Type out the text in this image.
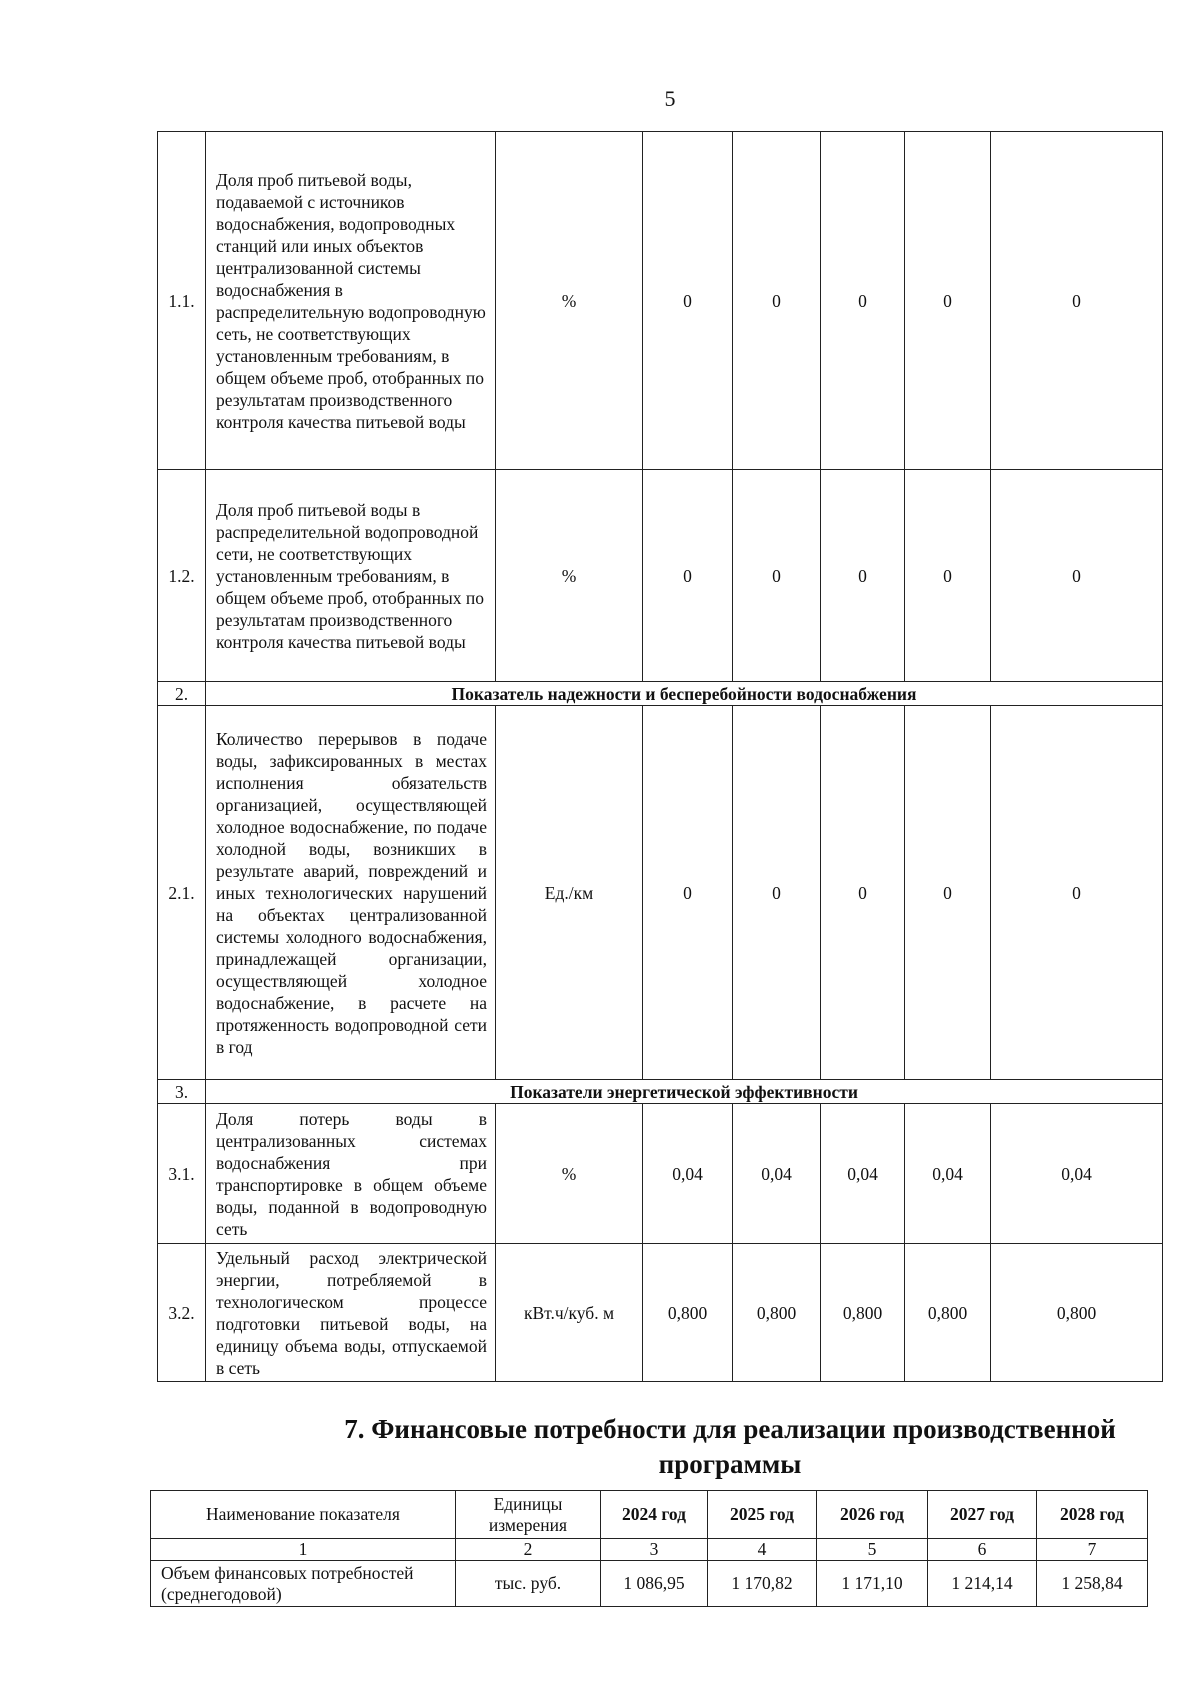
5
1.1.	Доля проб питьевой воды, подаваемой с источников водоснабжения, водопроводных станций или иных объектов централизованной системы водоснабжения в распределительную водопроводную сеть, не соответствующих установленным требованиям, в общем объеме проб, отобранных по результатам производственного контроля качества питьевой воды	%	0	0	0	0	0
1.2.	Доля проб питьевой воды в распределительной водопроводной сети, не соответствующих установленным требованиям, в общем объеме проб, отобранных по результатам производственного контроля качества питьевой воды	%	0	0	0	0	0
2.	Показатель надежности и бесперебойности водоснабжения						
2.1.	Количество перерывов в подаче воды, зафиксированных в местах исполнения обязательств организацией, осуществляющей холодное водоснабжение, по подаче холодной воды, возникших в результате аварий, повреждений и иных технологических нарушений на объектах централизованной системы холодного водоснабжения, принадлежащей организации, осуществляющей холодное водоснабжение, в расчете на протяженность водопроводной сети в год	Ед./км	0	0	0	0	0
3.	Показатели энергетической эффективности						
3.1.	Доля потерь воды в централизованных системах водоснабжения при транспортировке в общем объеме воды, поданной в водопроводную сеть	%	0,04	0,04	0,04	0,04	0,04
3.2.	Удельный расход электрической энергии, потребляемой в технологическом процессе подготовки питьевой воды, на единицу объема воды, отпускаемой в сеть	кВт.ч/куб. м	0,800	0,800	0,800	0,800	0,800
7. Финансовые потребности для реализации производственной программы
Наименование показателя	Единицы измерения	2024 год	2025 год	2026 год	2027 год	2028 год
1	2	3	4	5	6	7
Объем финансовых потребностей (среднегодовой)	тыс. руб.	1 086,95	1 170,82	1 171,10	1 214,14	1 258,84
